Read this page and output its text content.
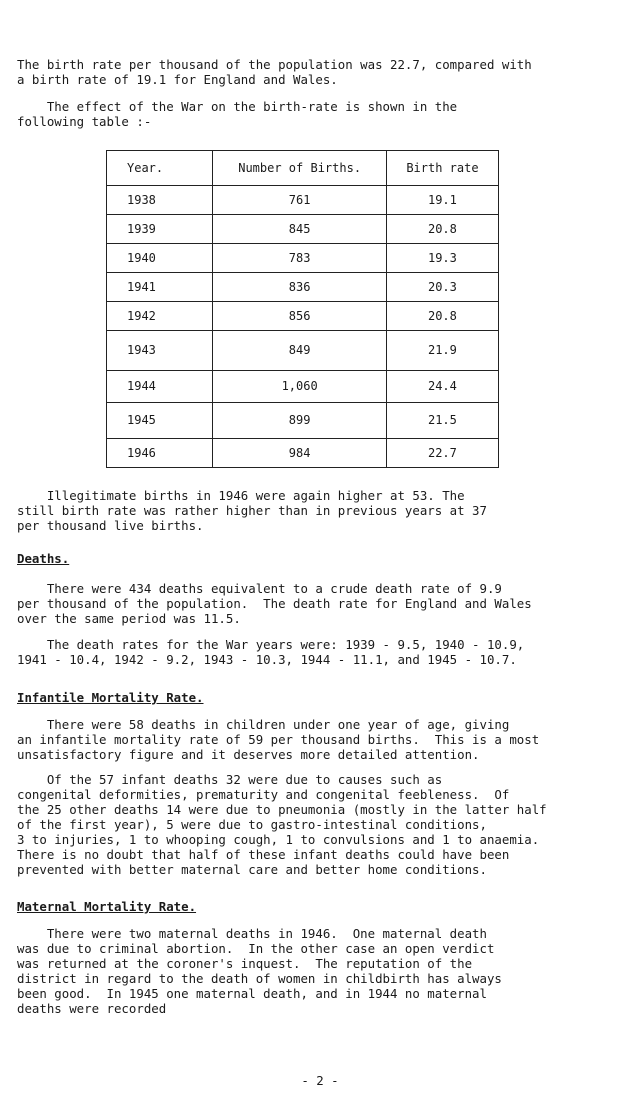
The birth rate per thousand of the population was 22.7, compared with
a birth rate of 19.1 for England and Wales.

The effect of the War on the birth-rate is shown in the
following table :-

Year.	Number of Births.	Birth rate
1938	761	19.1
1939	845	20.8
1940	783	19.3
1941	836	20.3
1942	856	20.8
1943	849	21.9
1944	1,060	24.4
1945	899	21.5
1946	984	22.7

Illegitimate births in 1946 were again higher at 53. The
still birth rate was rather higher than in previous years at 37
per thousand live births.

Deaths.

There were 434 deaths equivalent to a crude death rate of 9.9
per thousand of the population.  The death rate for England and Wales
over the same period was 11.5.

The death rates for the War years were: 1939 - 9.5, 1940 - 10.9,
1941 - 10.4, 1942 - 9.2, 1943 - 10.3, 1944 - 11.1, and 1945 - 10.7.

Infantile Mortality Rate.

There were 58 deaths in children under one year of age, giving
an infantile mortality rate of 59 per thousand births.  This is a most
unsatisfactory figure and it deserves more detailed attention.

Of the 57 infant deaths 32 were due to causes such as
congenital deformities, prematurity and congenital feebleness.  Of
the 25 other deaths 14 were due to pneumonia (mostly in the latter half
of the first year), 5 were due to gastro-intestinal conditions,
3 to injuries, 1 to whooping cough, 1 to convulsions and 1 to anaemia.
There is no doubt that half of these infant deaths could have been
prevented with better maternal care and better home conditions.

Maternal Mortality Rate.

There were two maternal deaths in 1946.  One maternal death
was due to criminal abortion.  In the other case an open verdict
was returned at the coroner's inquest.  The reputation of the
district in regard to the death of women in childbirth has always
been good.  In 1945 one maternal death, and in 1944 no maternal
deaths were recorded

- 2 -
